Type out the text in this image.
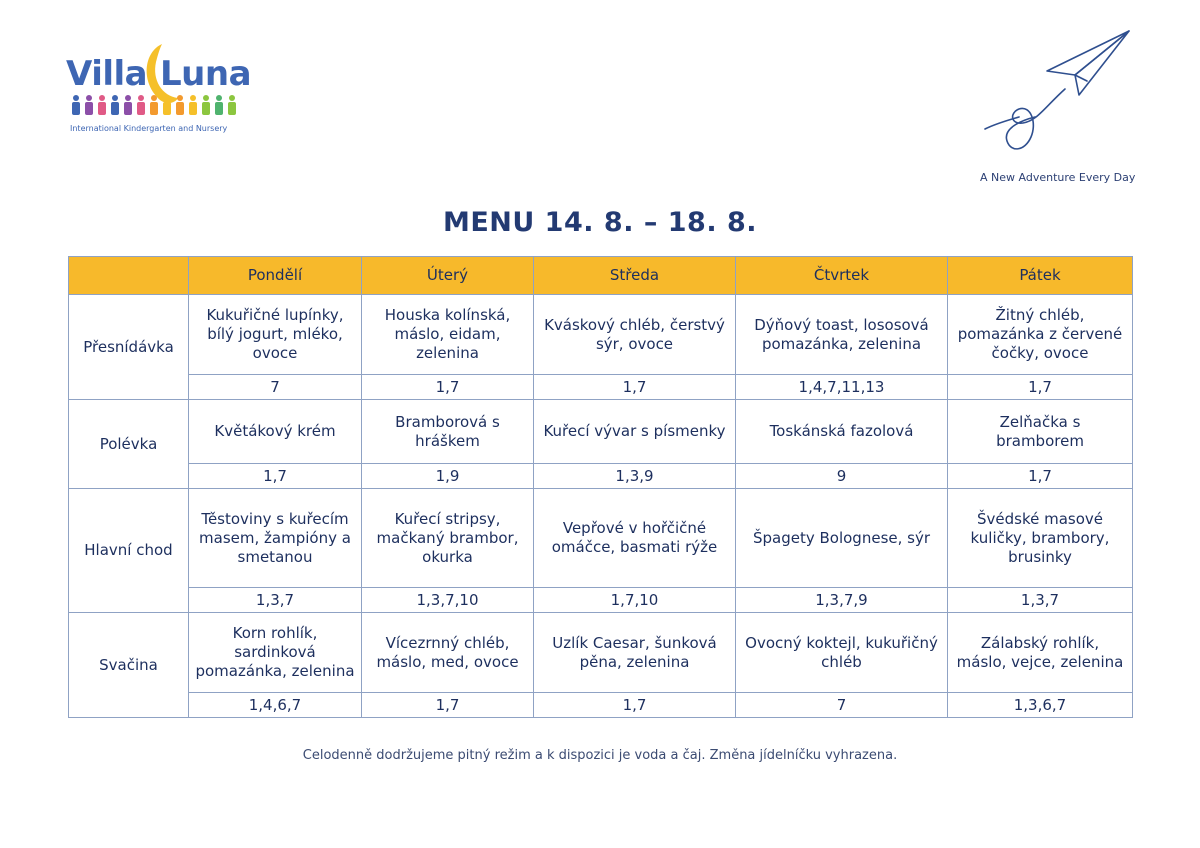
Villa Luna
International Kindergarten and Nursery
A New Adventure Every Day
MENU 14. 8. – 18. 8.
	Pondělí	Úterý	Středa	Čtvrtek	Pátek
Přesnídávka	Kukuřičné lupínky, bílý jogurt, mléko, ovoce	Houska kolínská, máslo, eidam, zelenina	Kváskový chléb, čerstvý sýr, ovoce	Dýňový toast, lososová pomazánka, zelenina	Žitný chléb, pomazánka z červené čočky, ovoce
	7	1,7	1,7	1,4,7,11,13	1,7
Polévka	Květákový krém	Bramborová s hráškem	Kuřecí vývar s písmenky	Toskánská fazolová	Zelňačka s bramborem
	1,7	1,9	1,3,9	9	1,7
Hlavní chod	Těstoviny s kuřecím masem, žampióny a smetanou	Kuřecí stripsy, mačkaný brambor, okurka	Vepřové v hořčičné omáčce, basmati rýže	Špagety Bolognese, sýr	Švédské masové kuličky, brambory, brusinky
	1,3,7	1,3,7,10	1,7,10	1,3,7,9	1,3,7
Svačina	Korn rohlík, sardinková pomazánka, zelenina	Vícezrnný chléb, máslo, med, ovoce	Uzlík Caesar, šunková pěna, zelenina	Ovocný koktejl, kukuřičný chléb	Zálabský rohlík, máslo, vejce, zelenina
	1,4,6,7	1,7	1,7	7	1,3,6,7
Celodenně dodržujeme pitný režim a k dispozici je voda a čaj. Změna jídelníčku vyhrazena.
